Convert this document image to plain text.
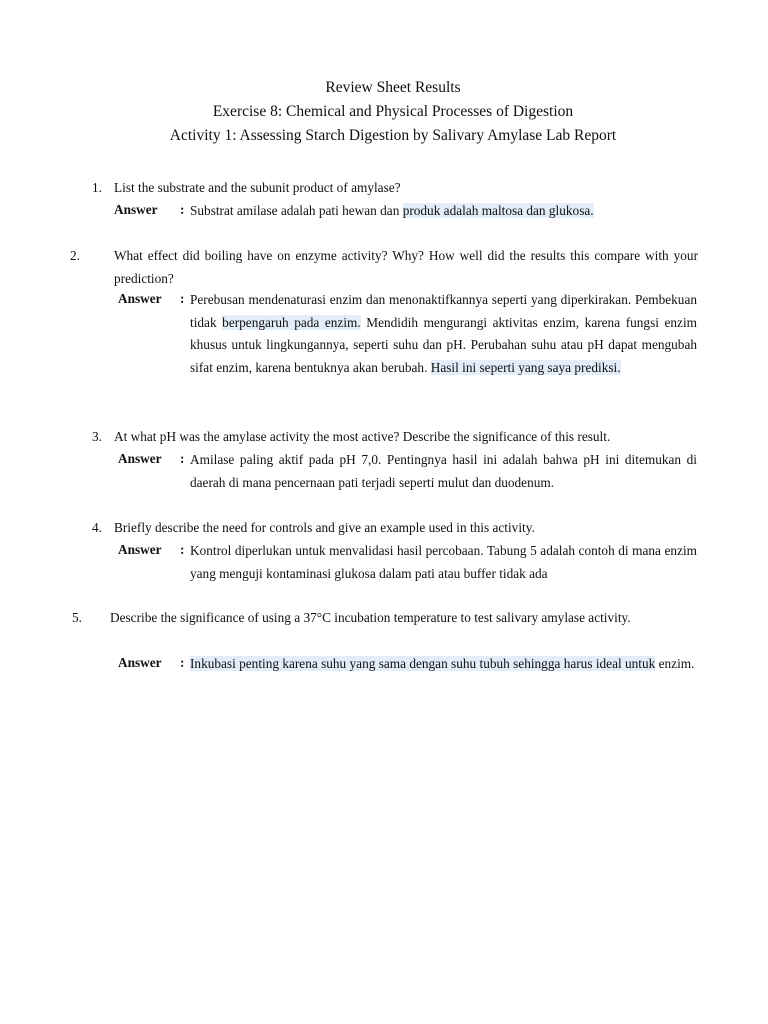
Review Sheet Results
Exercise 8: Chemical and Physical Processes of Digestion
Activity 1: Assessing Starch Digestion by Salivary Amylase Lab Report
1. List the substrate and the subunit product of amylase?
Answer : Substrat amilase adalah pati hewan dan produk adalah maltosa dan glukosa.
2.	What effect did boiling have on enzyme activity? Why? How well did the results this compare with your prediction?
Answer : Perebusan mendenaturasi enzim dan menonaktifkannya seperti yang diperkirakan. Pembekuan tidak berpengaruh pada enzim. Mendidih mengurangi aktivitas enzim, karena fungsi enzim khusus untuk lingkungannya, seperti suhu dan pH. Perubahan suhu atau pH dapat mengubah sifat enzim, karena bentuknya akan berubah. Hasil ini seperti yang saya prediksi.
3. At what pH was the amylase activity the most active? Describe the significance of this result.
Answer : Amilase paling aktif pada pH 7,0. Pentingnya hasil ini adalah bahwa pH ini ditemukan di daerah di mana pencernaan pati terjadi seperti mulut dan duodenum.
4. Briefly describe the need for controls and give an example used in this activity.
Answer : Kontrol diperlukan untuk menvalidasi hasil percobaan. Tabung 5 adalah contoh di mana enzim yang menguji kontaminasi glukosa dalam pati atau buffer tidak ada
5. Describe the significance of using a 37°C incubation temperature to test salivary amylase activity.
Answer : Inkubasi penting karena suhu yang sama dengan suhu tubuh sehingga harus ideal untuk enzim.
